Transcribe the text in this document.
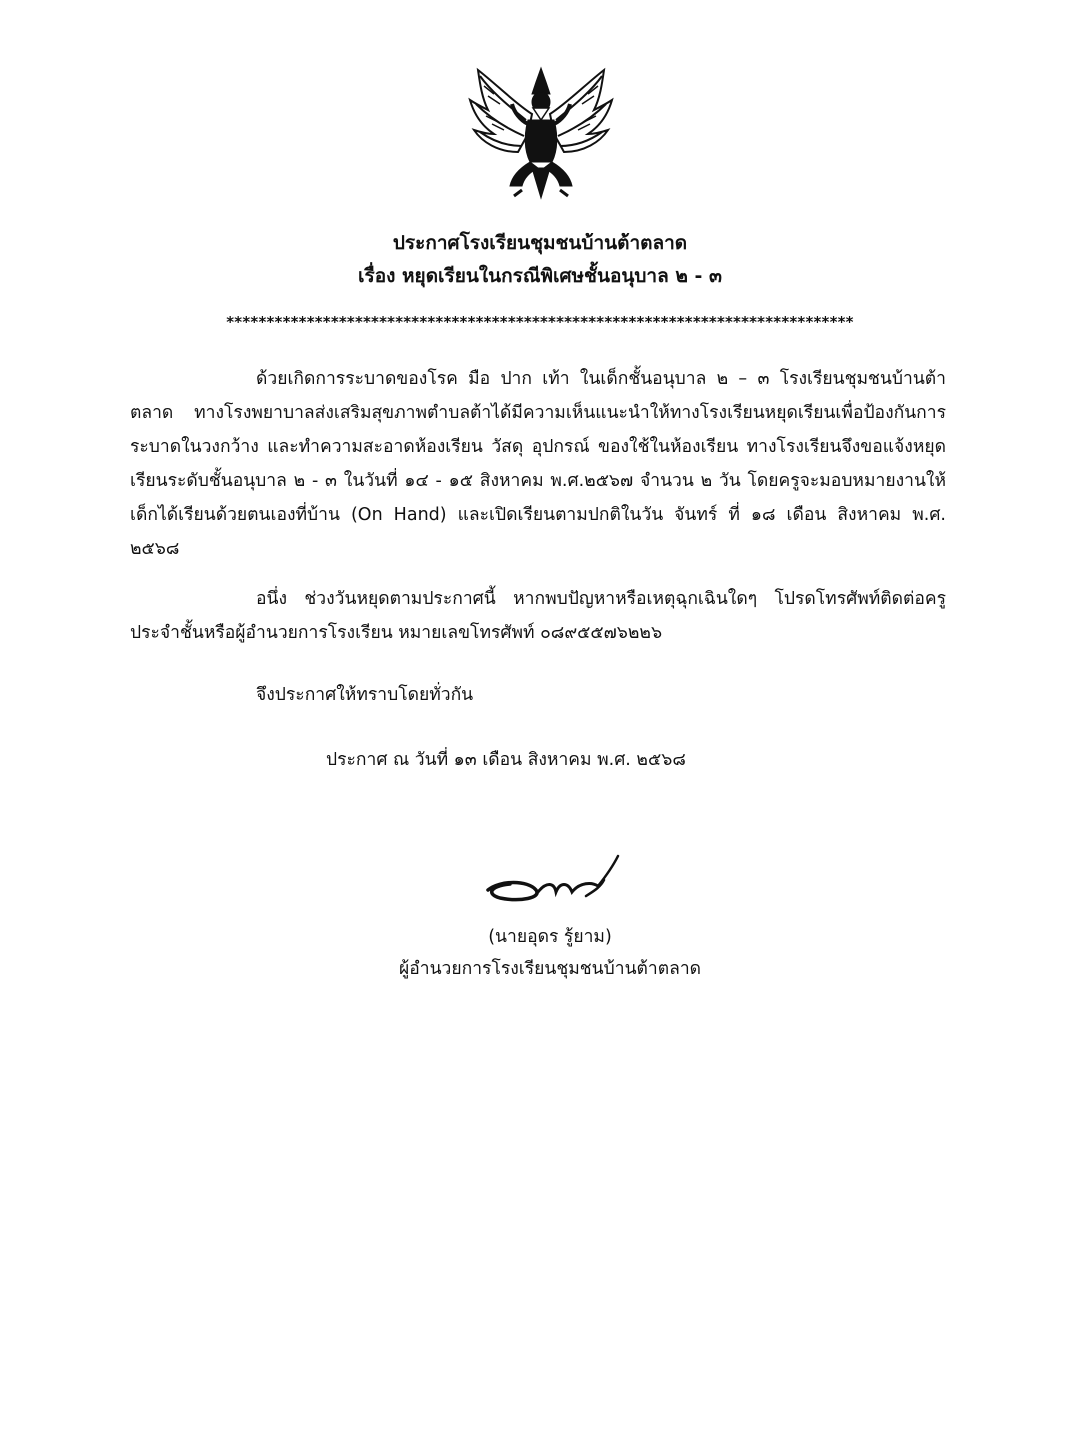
ประกาศโรงเรียนชุมชนบ้านต้าตลาด
เรื่อง หยุดเรียนในกรณีพิเศษชั้นอนุบาล ๒ - ๓
******************************************************************************

ด้วยเกิดการระบาดของโรค มือ ปาก เท้า ในเด็กชั้นอนุบาล ๒ – ๓ โรงเรียนชุมชนบ้านต้าตลาด ทางโรงพยาบาลส่งเสริมสุขภาพตำบลต้าได้มีความเห็นแนะนำให้ทางโรงเรียนหยุดเรียนเพื่อป้องกันการระบาดในวงกว้าง และทำความสะอาดห้องเรียน วัสดุ อุปกรณ์ ของใช้ในห้องเรียน ทางโรงเรียนจึงขอแจ้งหยุดเรียนระดับชั้นอนุบาล ๒ - ๓ ในวันที่ ๑๔ - ๑๕ สิงหาคม พ.ศ.๒๕๖๗ จำนวน ๒ วัน โดยครูจะมอบหมายงานให้เด็กได้เรียนด้วยตนเองที่บ้าน (On Hand) และเปิดเรียนตามปกติในวัน จันทร์ ที่ ๑๘ เดือน สิงหาคม พ.ศ. ๒๕๖๘

อนึ่ง ช่วงวันหยุดตามประกาศนี้ หากพบปัญหาหรือเหตุฉุกเฉินใดๆ โปรดโทรศัพท์ติดต่อครูประจำชั้นหรือผู้อำนวยการโรงเรียน หมายเลขโทรศัพท์ ๐๘๙๕๕๗๖๒๒๖

จึงประกาศให้ทราบโดยทั่วกัน

ประกาศ ณ วันที่ ๑๓ เดือน สิงหาคม พ.ศ. ๒๕๖๘
(นายอุดร รู้ยาม)
ผู้อำนวยการโรงเรียนชุมชนบ้านต้าตลาด
